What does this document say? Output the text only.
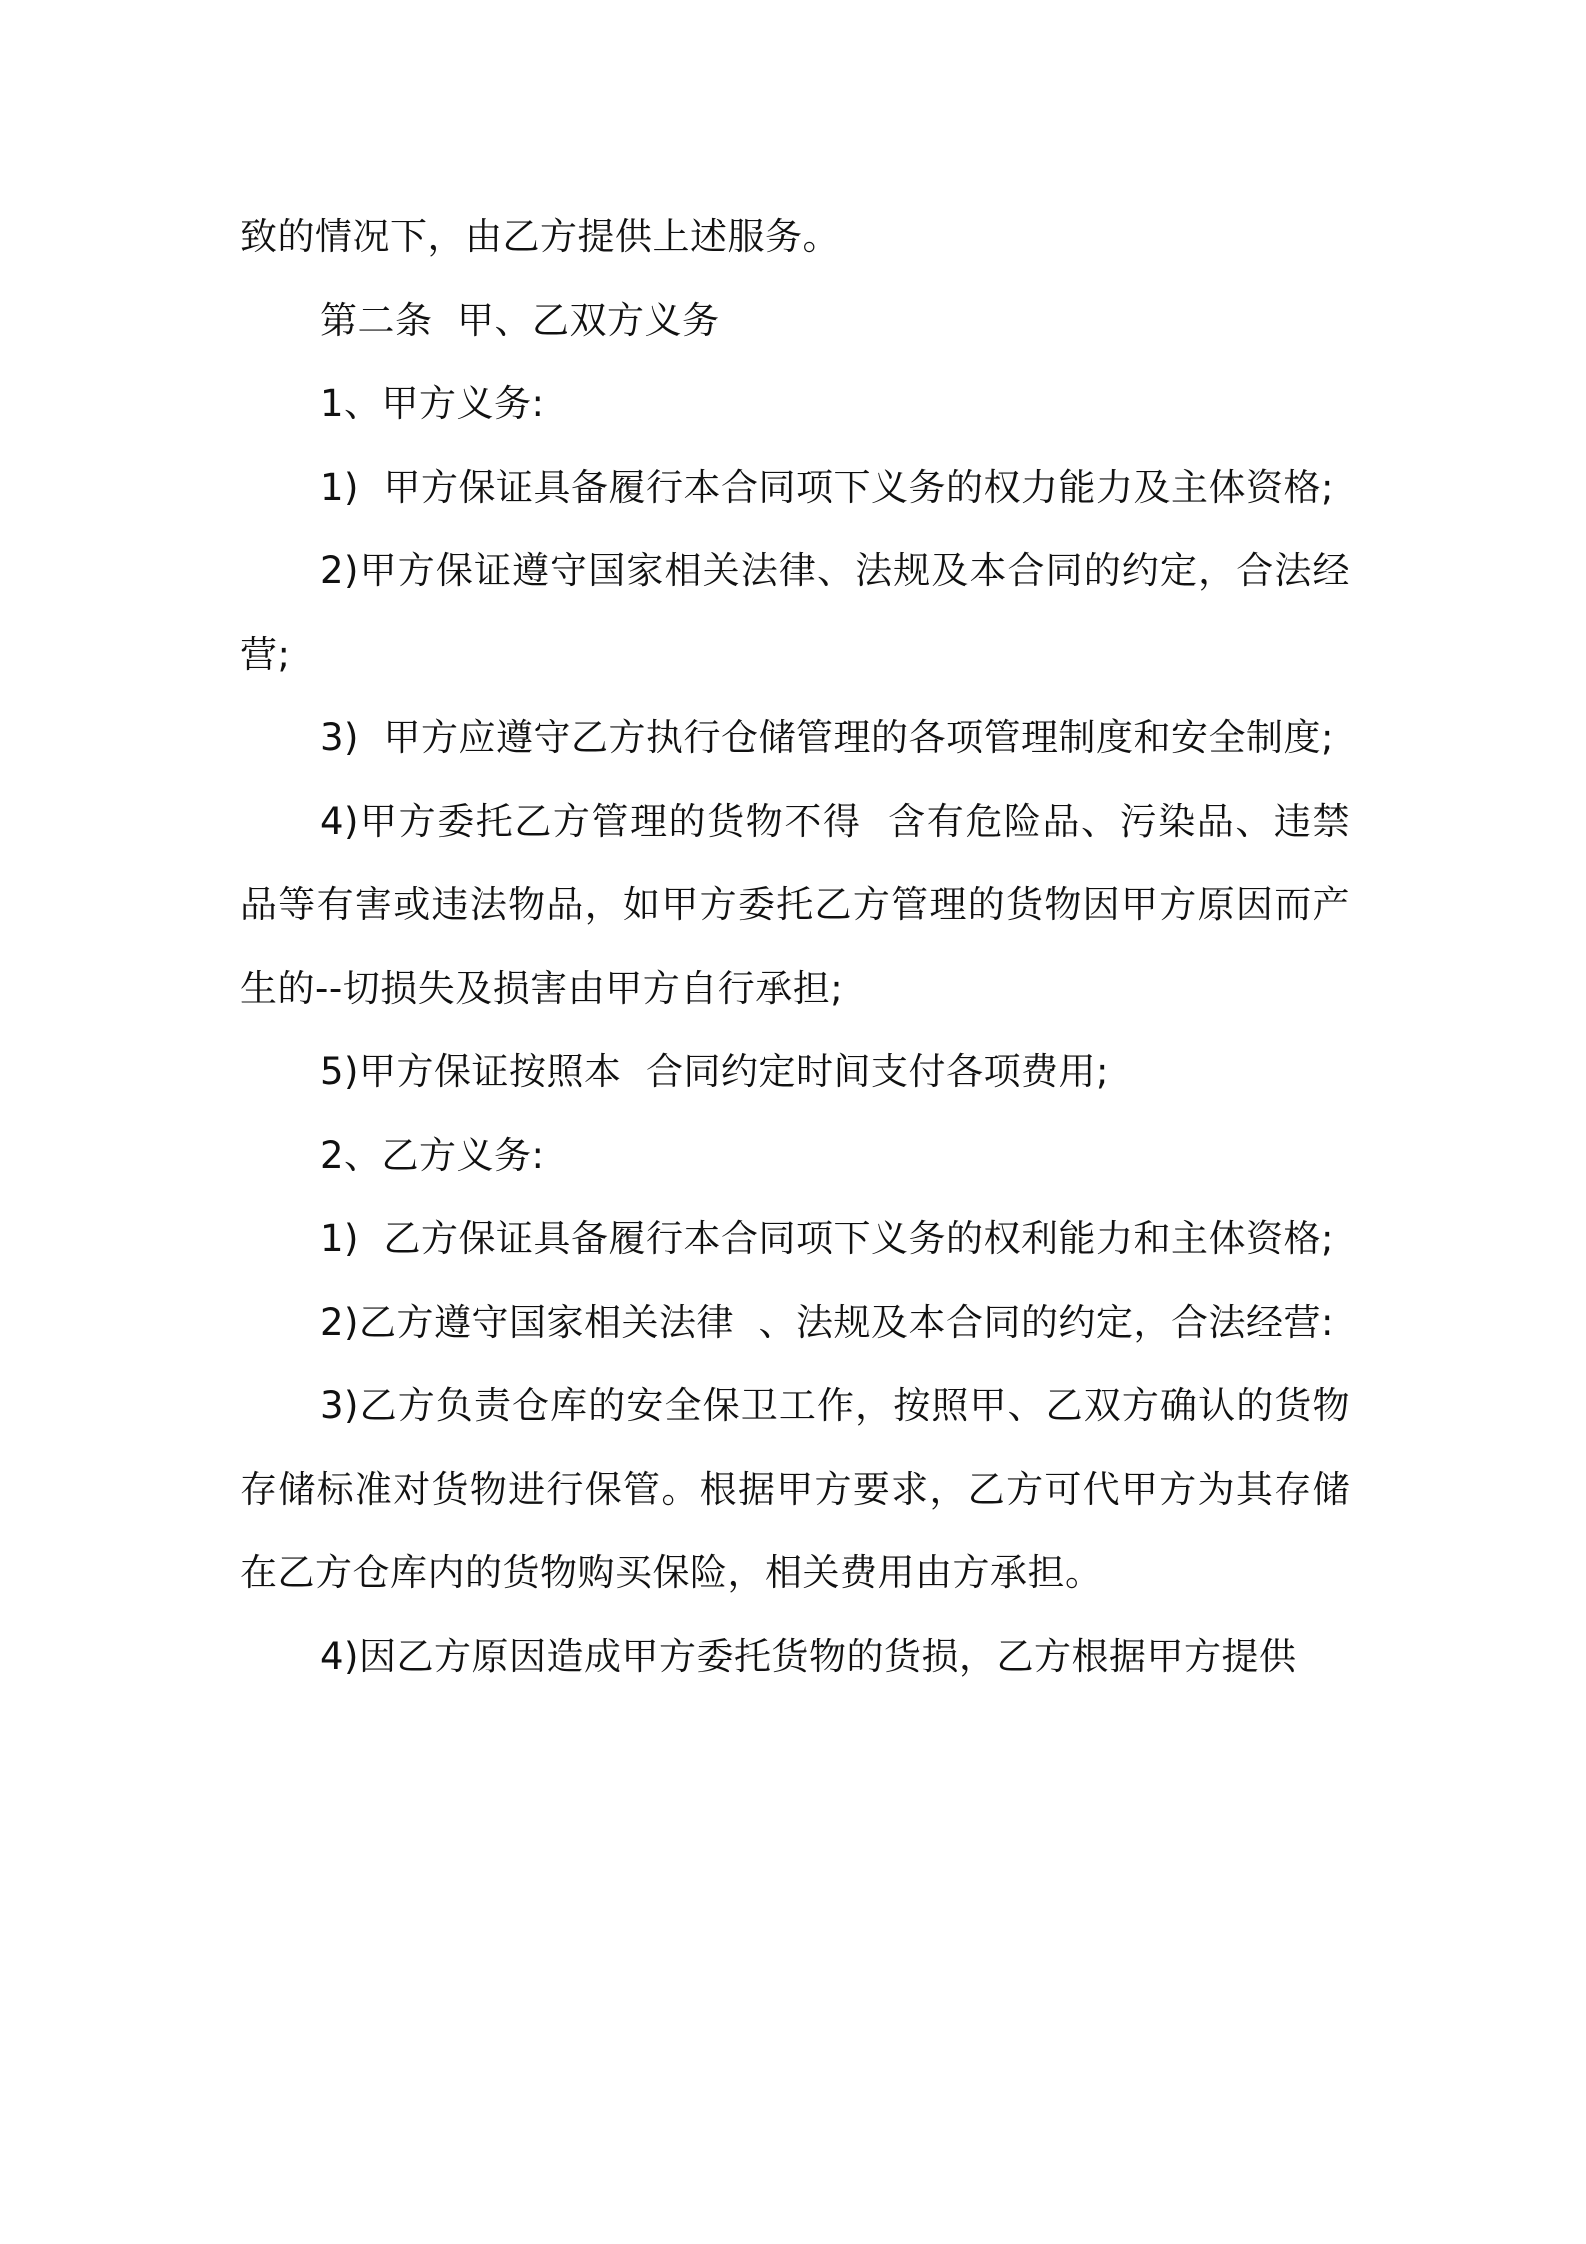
致的情况下，由乙方提供上述服务。

第二条  甲、乙双方义务

1、甲方义务:

1)  甲方保证具备履行本合同项下义务的权力能力及主体资格;

2)甲方保证遵守国家相关法律、法规及本合同的约定，合法经营;

3)  甲方应遵守乙方执行仓储管理的各项管理制度和安全制度;

4)甲方委托乙方管理的货物不得  含有危险品、污染品、违禁品等有害或违法物品，如甲方委托乙方管理的货物因甲方原因而产生的--切损失及损害由甲方自行承担;

5)甲方保证按照本  合同约定时间支付各项费用;

2、乙方义务:

1)  乙方保证具备履行本合同项下义务的权利能力和主体资格;

2)乙方遵守国家相关法律  、法规及本合同的约定，合法经营:

3)乙方负责仓库的安全保卫工作，按照甲、乙双方确认的货物存储标准对货物进行保管。根据甲方要求，乙方可代甲方为其存储在乙方仓库内的货物购买保险，相关费用由方承担。

4)因乙方原因造成甲方委托货物的货损，乙方根据甲方提供
